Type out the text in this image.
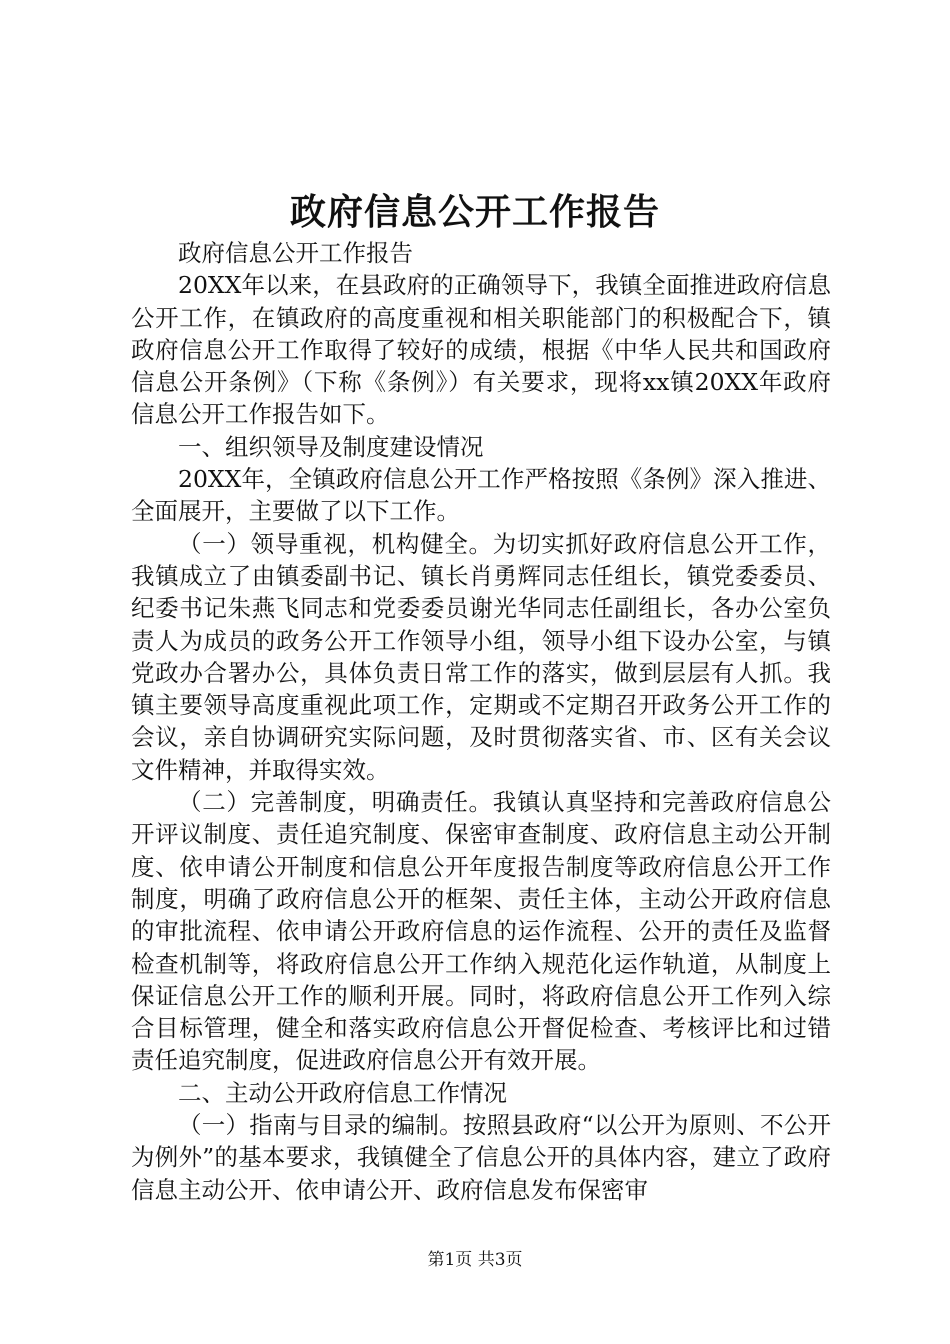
政府信息公开工作报告

政府信息公开工作报告

20XX年以来，在县政府的正确领导下，我镇全面推进政府信息公开工作，在镇政府的高度重视和相关职能部门的积极配合下，镇政府信息公开工作取得了较好的成绩，根据《中华人民共和国政府信息公开条例》（下称《条例》）有关要求，现将xx镇20XX年政府信息公开工作报告如下。

一、组织领导及制度建设情况

20XX年，全镇政府信息公开工作严格按照《条例》深入推进、全面展开，主要做了以下工作。

（一）领导重视，机构健全。为切实抓好政府信息公开工作，我镇成立了由镇委副书记、镇长肖勇辉同志任组长，镇党委委员、纪委书记朱燕飞同志和党委委员谢光华同志任副组长，各办公室负责人为成员的政务公开工作领导小组，领导小组下设办公室，与镇党政办合署办公，具体负责日常工作的落实，做到层层有人抓。我镇主要领导高度重视此项工作，定期或不定期召开政务公开工作的会议，亲自协调研究实际问题，及时贯彻落实省、市、区有关会议文件精神，并取得实效。

（二）完善制度，明确责任。我镇认真坚持和完善政府信息公开评议制度、责任追究制度、保密审查制度、政府信息主动公开制度、依申请公开制度和信息公开年度报告制度等政府信息公开工作制度，明确了政府信息公开的框架、责任主体，主动公开政府信息的审批流程、依申请公开政府信息的运作流程、公开的责任及监督检查机制等，将政府信息公开工作纳入规范化运作轨道，从制度上保证信息公开工作的顺利开展。同时，将政府信息公开工作列入综合目标管理，健全和落实政府信息公开督促检查、考核评比和过错责任追究制度，促进政府信息公开有效开展。

二、主动公开政府信息工作情况

（一）指南与目录的编制。按照县政府“以公开为原则、不公开为例外”的基本要求，我镇健全了信息公开的具体内容，建立了政府信息主动公开、依申请公开、政府信息发布保密审

第1页 共3页
